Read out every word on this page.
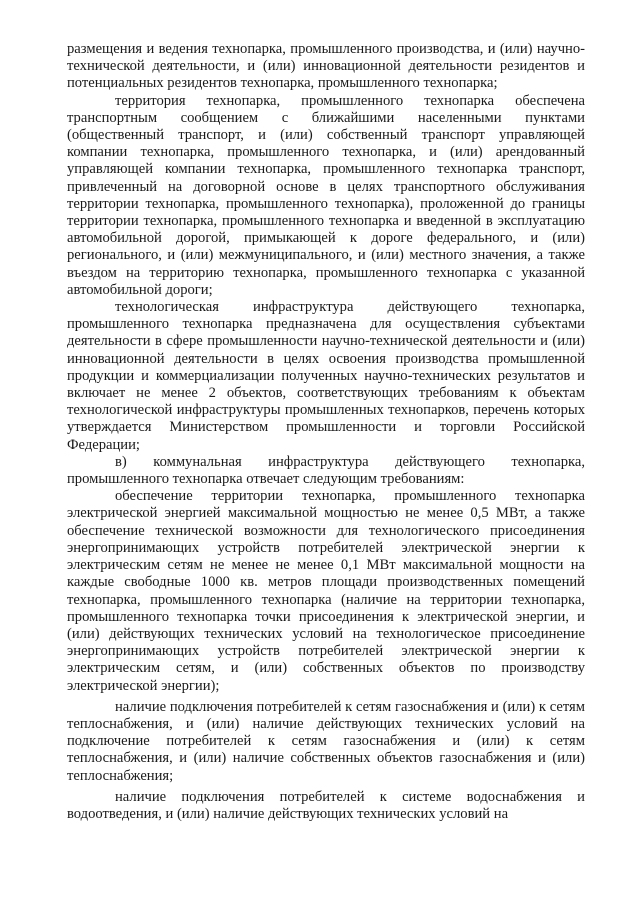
размещения и ведения технопарка, промышленного производства, и (или) научно-технической деятельности, и (или) инновационной деятельности резидентов и потенциальных резидентов технопарка, промышленного технопарка;

территория технопарка, промышленного технопарка обеспечена транспортным сообщением с ближайшими населенными пунктами (общественный транспорт, и (или) собственный транспорт управляющей компании технопарка, промышленного технопарка, и (или) арендованный управляющей компании технопарка, промышленного технопарка транспорт, привлеченный на договорной основе в целях транспортного обслуживания территории технопарка, промышленного технопарка), проложенной до границы территории технопарка, промышленного технопарка и введенной в эксплуатацию автомобильной дорогой, примыкающей к дороге федерального, и (или) регионального, и (или) межмуниципального, и (или) местного значения, а также въездом на территорию технопарка, промышленного технопарка с указанной автомобильной дороги;

технологическая инфраструктура действующего технопарка, промышленного технопарка предназначена для осуществления субъектами деятельности в сфере промышленности научно-технической деятельности и (или) инновационной деятельности в целях освоения производства промышленной продукции и коммерциализации полученных научно-технических результатов и включает не менее 2 объектов, соответствующих требованиям к объектам технологической инфраструктуры промышленных технопарков, перечень которых утверждается Министерством промышленности и торговли Российской Федерации;

в) коммунальная инфраструктура действующего технопарка, промышленного технопарка отвечает следующим требованиям:

обеспечение территории технопарка, промышленного технопарка электрической энергией максимальной мощностью не менее 0,5 МВт, а также обеспечение технической возможности для технологического присоединения энергопринимающих устройств потребителей электрической энергии к электрическим сетям не менее не менее 0,1 МВт максимальной мощности на каждые свободные 1000 кв. метров площади производственных помещений технопарка, промышленного технопарка (наличие на территории технопарка, промышленного технопарка точки присоединения к электрической энергии, и (или) действующих технических условий на технологическое присоединение энергопринимающих устройств потребителей электрической энергии к электрическим сетям, и (или) собственных объектов по производству электрической энергии);

наличие подключения потребителей к сетям газоснабжения и (или) к сетям теплоснабжения, и (или) наличие действующих технических условий на подключение потребителей к сетям газоснабжения и (или) к сетям теплоснабжения, и (или) наличие собственных объектов газоснабжения и (или) теплоснабжения;

наличие подключения потребителей к системе водоснабжения и водоотведения, и (или) наличие действующих технических условий на
